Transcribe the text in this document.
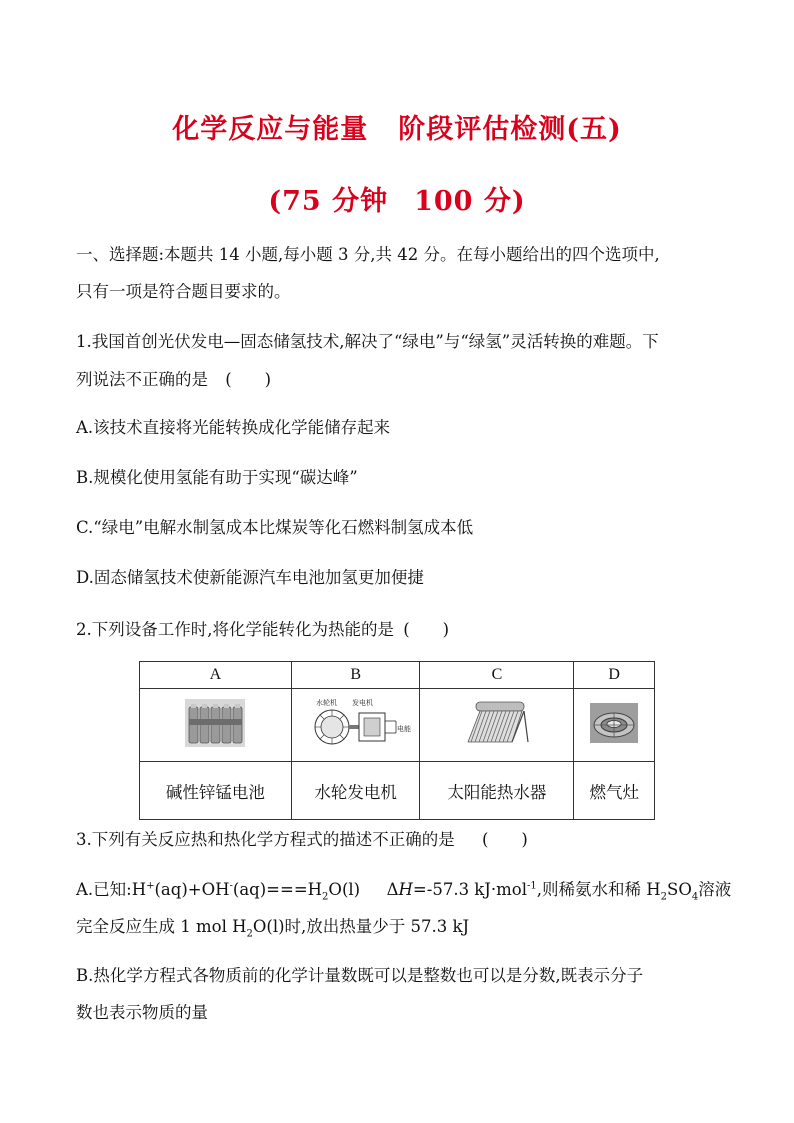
化学反应与能量 阶段评估检测(五)
(75 分钟 100 分)
一、选择题:本题共 14 小题,每小题 3 分,共 42 分。在每小题给出的四个选项中,
只有一项是符合题目要求的。
1.我国首创光伏发电—固态储氢技术,解决了“绿电”与“绿氢”灵活转换的难题。下
列说法不正确的是 (　　)
A.该技术直接将光能转换成化学能储存起来
B.规模化使用氢能有助于实现“碳达峰”
C.“绿电”电解水制氢成本比煤炭等化石燃料制氢成本低
D.固态储氢技术使新能源汽车电池加氢更加便捷
2.下列设备工作时,将化学能转化为热能的是 (　　)
A	B	C	D

水轮机 发电机
电能

碱性锌锰电池	水轮发电机	太阳能热水器	燃气灶
3.下列有关反应热和热化学方程式的描述不正确的是 (　　)
A.已知$:H^+(aq)+OH^-(aq)===H_2O(l)$　ΔH=-57.3 kJ·mol$^{-1}$,则稀氨水和稀 $H_2SO_4$溶液
完全反应生成 1 mol $H_2O(l)$时,放出热量少于 57.3 kJ
B.热化学方程式各物质前的化学计量数既可以是整数也可以是分数,既表示分子
数也表示物质的量
